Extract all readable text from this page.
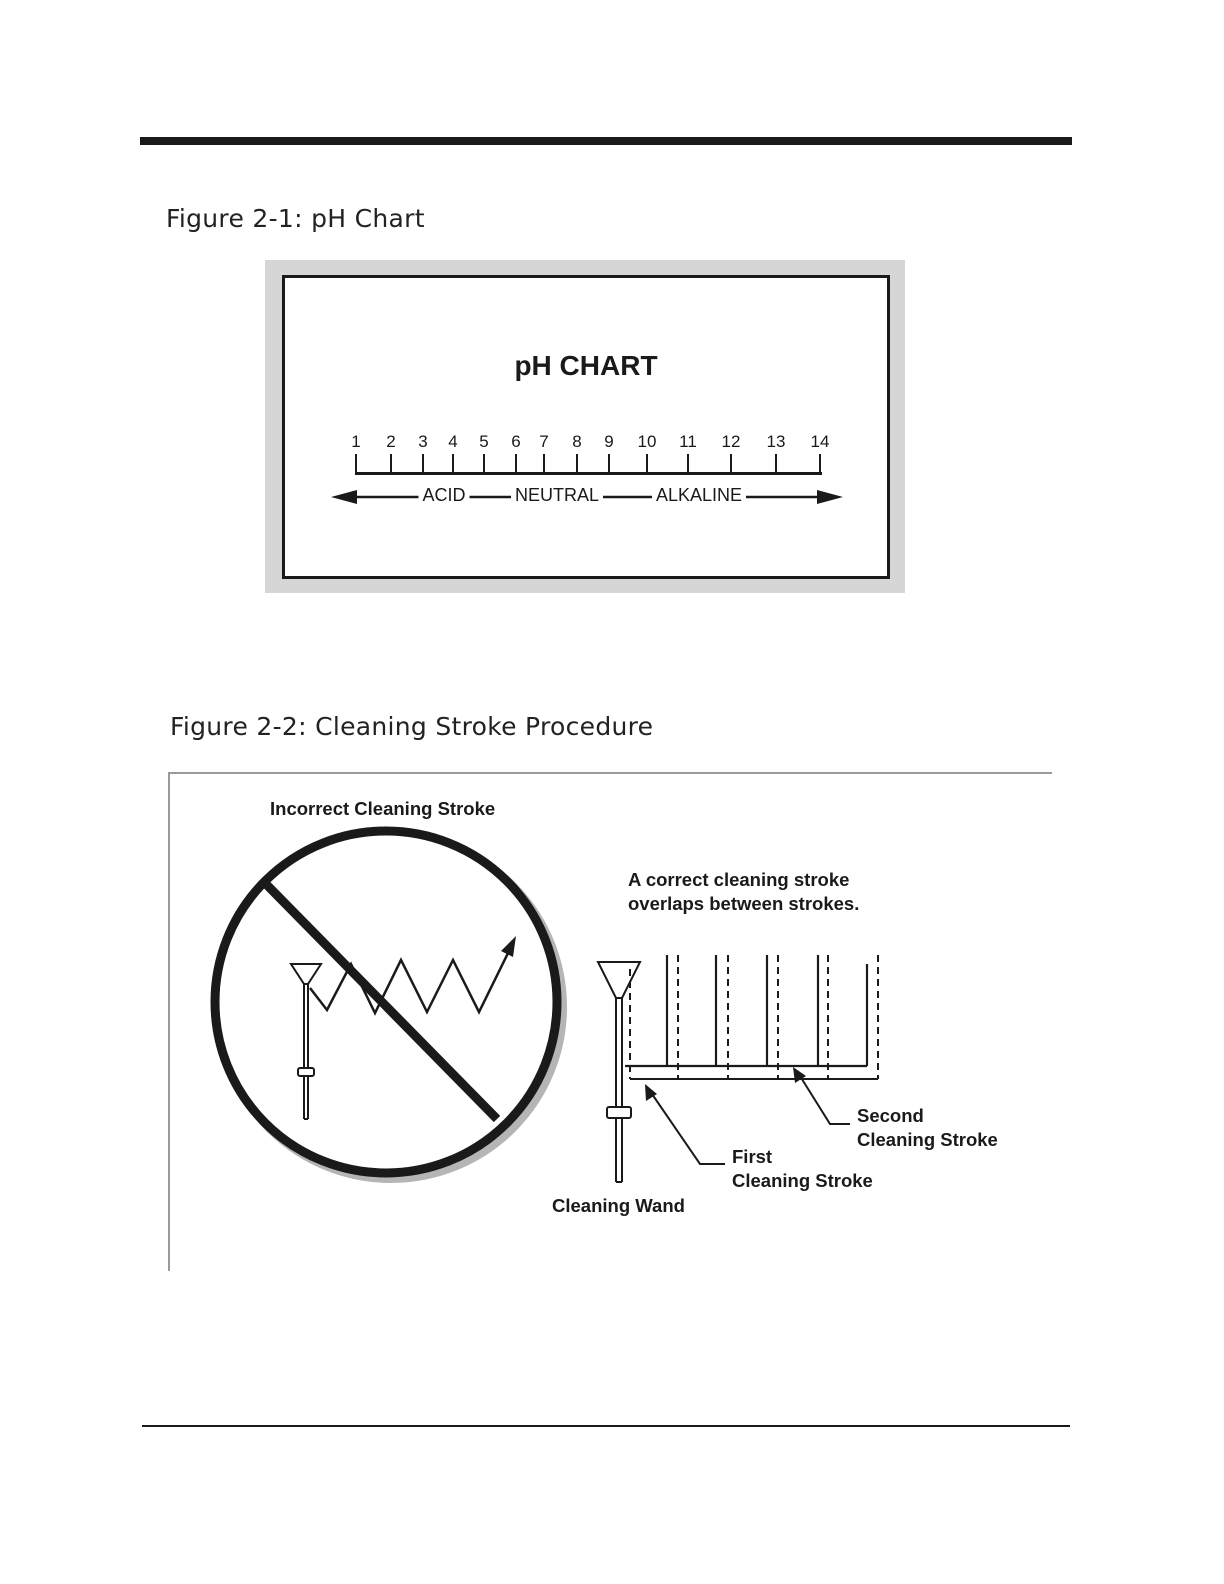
Figure 2-1: pH Chart
pH CHART
1 2 3 4 5 6 7 8 9 10 11 12 13 14
ACID	NEUTRAL	ALKALINE
Figure 2-2: Cleaning Stroke Procedure
Incorrect Cleaning Stroke
A correct cleaning stroke
overlaps between strokes.
Second
Cleaning Stroke
First
Cleaning Stroke
Cleaning Wand
